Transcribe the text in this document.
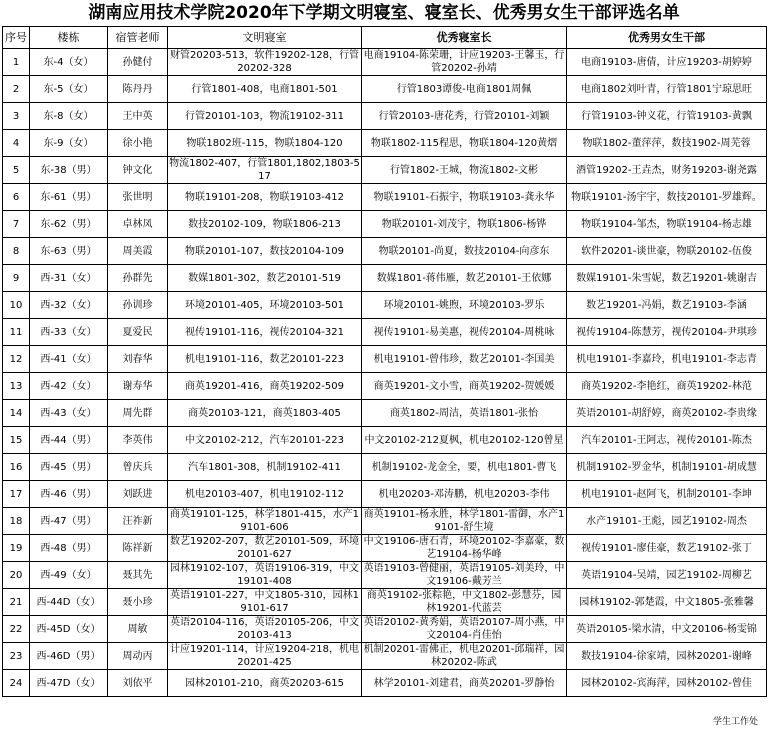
湖南应用技术学院2020年下学期文明寝室、寝室长、优秀男女生干部评选名单
序号	楼栋	宿管老师	文明寝室	优秀寝室长	优秀男女生干部
1	东-4（女）	孙健付	财管20203-513，软件19202-128，行管20202-328	电商19104-陈荣珊，计应19203-王馨玉，行管20202-孙靖	电商19103-唐倩，计应19203-胡婷婷
2	东-5（女）	陈丹丹	行管1801-408，电商1801-501	行管1803谭俊-电商1801周佩	电商1802刘叶青，行管1801宁琼思旺
3	东-8（女）	王中英	行管20101-103，物流19102-311	行管20103-唐花秀，行管20101-刘颖	行管19103-钟义花，行管19103-黄飘
4	东-9（女）	徐小艳	物联1802班-115，物联1804-120	物联1802-115程思，物联1804-120黄熠	物联1802-董萍萍，数技1902-周芜蓉
5	东-38（男）	钟文化	物流1802-407，行管1801,1802,1803-517	行管1802-王城，物流1802-文彬	酒管19202-王垚杰，财务19203-谢尧露
6	东-61（男）	张世明	物联19101-208，物联19103-412	物联19101-石振宇，物联19103-龚永华	物联19101-汤宇宇，数技20101-罗雄辉。
7	东-62（男）	卓林凤	数技20102-109，物联1806-213	物联20101-刘茂宇，物联1806-杨铧	物联19104-邹杰，物联19104-杨志雄
8	东-63（男）	周美霞	物联20101-107，数技20104-109	物联20101-尚夏，数技20104-向彦东	软件20201-谈世豪，物联20102-伍俊
9	西-31（女）	孙群先	数媒1801-302，数艺20101-519	数媒1801-蒋伟雁，数艺20101-王依娜	数媒19101-朱雪妮，数艺19201-姚谢吉
10	西-32（女）	孙训珍	环境20101-405，环境20103-501	环境20101-姚煦，环境20103-罗乐	数艺19201-冯娟，数艺19103-李涵
11	西-33（女）	夏爱民	视传19101-116，视传20104-321	视传19101-易美惠，视传20104-周桃咏	视传19104-陈慧芳，视传20104-尹琪珍
12	西-41（女）	刘春华	机电19101-116，数艺20101-223	机电19101-曾伟珍，数艺20101-李国美	机电19101-李嘉玲，机电19101-李志青
13	西-42（女）	谢寿华	商英19201-416，商英19202-509	商英19201-文小雪，商英19202-贺媛媛	商英19202-李艳红，商英19202-林范
14	西-43（女）	周先群	商英20103-121，商英1803-405	商英1802-周洁，英语1801-张怡	英语20101-胡舒婷，商英20102-李贵缘
15	西-44（男）	李英伟	中文20102-212，汽车20101-223	中文20102-212夏枫，机电20102-120曾星	汽车20101-王阿志，视传20101-陈杰
16	西-45（男）	曾庆兵	汽车1801-308，机制19102-411	机制19102-龙金全，要，机电1801-曹飞	机制19102-罗金华，机制19101-胡成慧
17	西-46（男）	刘跃进	机电20103-407，机电19102-112	机电20203-邓涛鹏，机电20203-李伟	机电19101-赵阿飞，机制20101-李坤
18	西-47（男）	汪祚新	商英19101-125，林学1801-415，水产19101-606	商英19101-杨永胜，林学1801-雷御，水产19101-舒生境	水产19101-王彪，园艺19102-周杰
19	西-48（男）	陈祥新	数艺19202-207，数艺20101-509，环境20101-627	中文19106-唐石青，环境20102-李嘉豪，数艺19104-杨华峰	视传19101-廖佳豪，数艺19102-张丁
20	西-49（女）	聂其先	园林19102-107，英语19106-319，中文19101-408	英语19103-曾健丽，英语19105-刘美玲，中文19106-戴芳兰	英语19104-吴靖，园艺19102-周柳艺
21	西-44D（女）	聂小珍	英语19101-227，中文1805-310，园林19101-617	商英19102-张粽艳，中文1802-彭慧芬，园林19201-代蓝芸	园林19102-郭楚霞，中文1805-张雅馨
22	西-45D（女）	周敏	英语20104-116，英语20105-206，中文20103-413	英语20102-黄秀娟，英语20107-周小燕，中文20104-肖佳怡	英语20105-梁水清，中文20106-杨雯锦
23	西-46D（男）	周动丙	计应19201-114，计应19204-218，机电20201-425	机制20201-雷佛正，机电20201-邱瑞祥，园林20202-陈武	数技19104-徐家靖，园林20201-谢峰
24	西-47D（女）	刘依平	园林20101-210，商英20203-615	林学20101-刘建君，商英20201-罗静怡	园林20102-宾海萍，园林20102-曾佳
学生工作处
